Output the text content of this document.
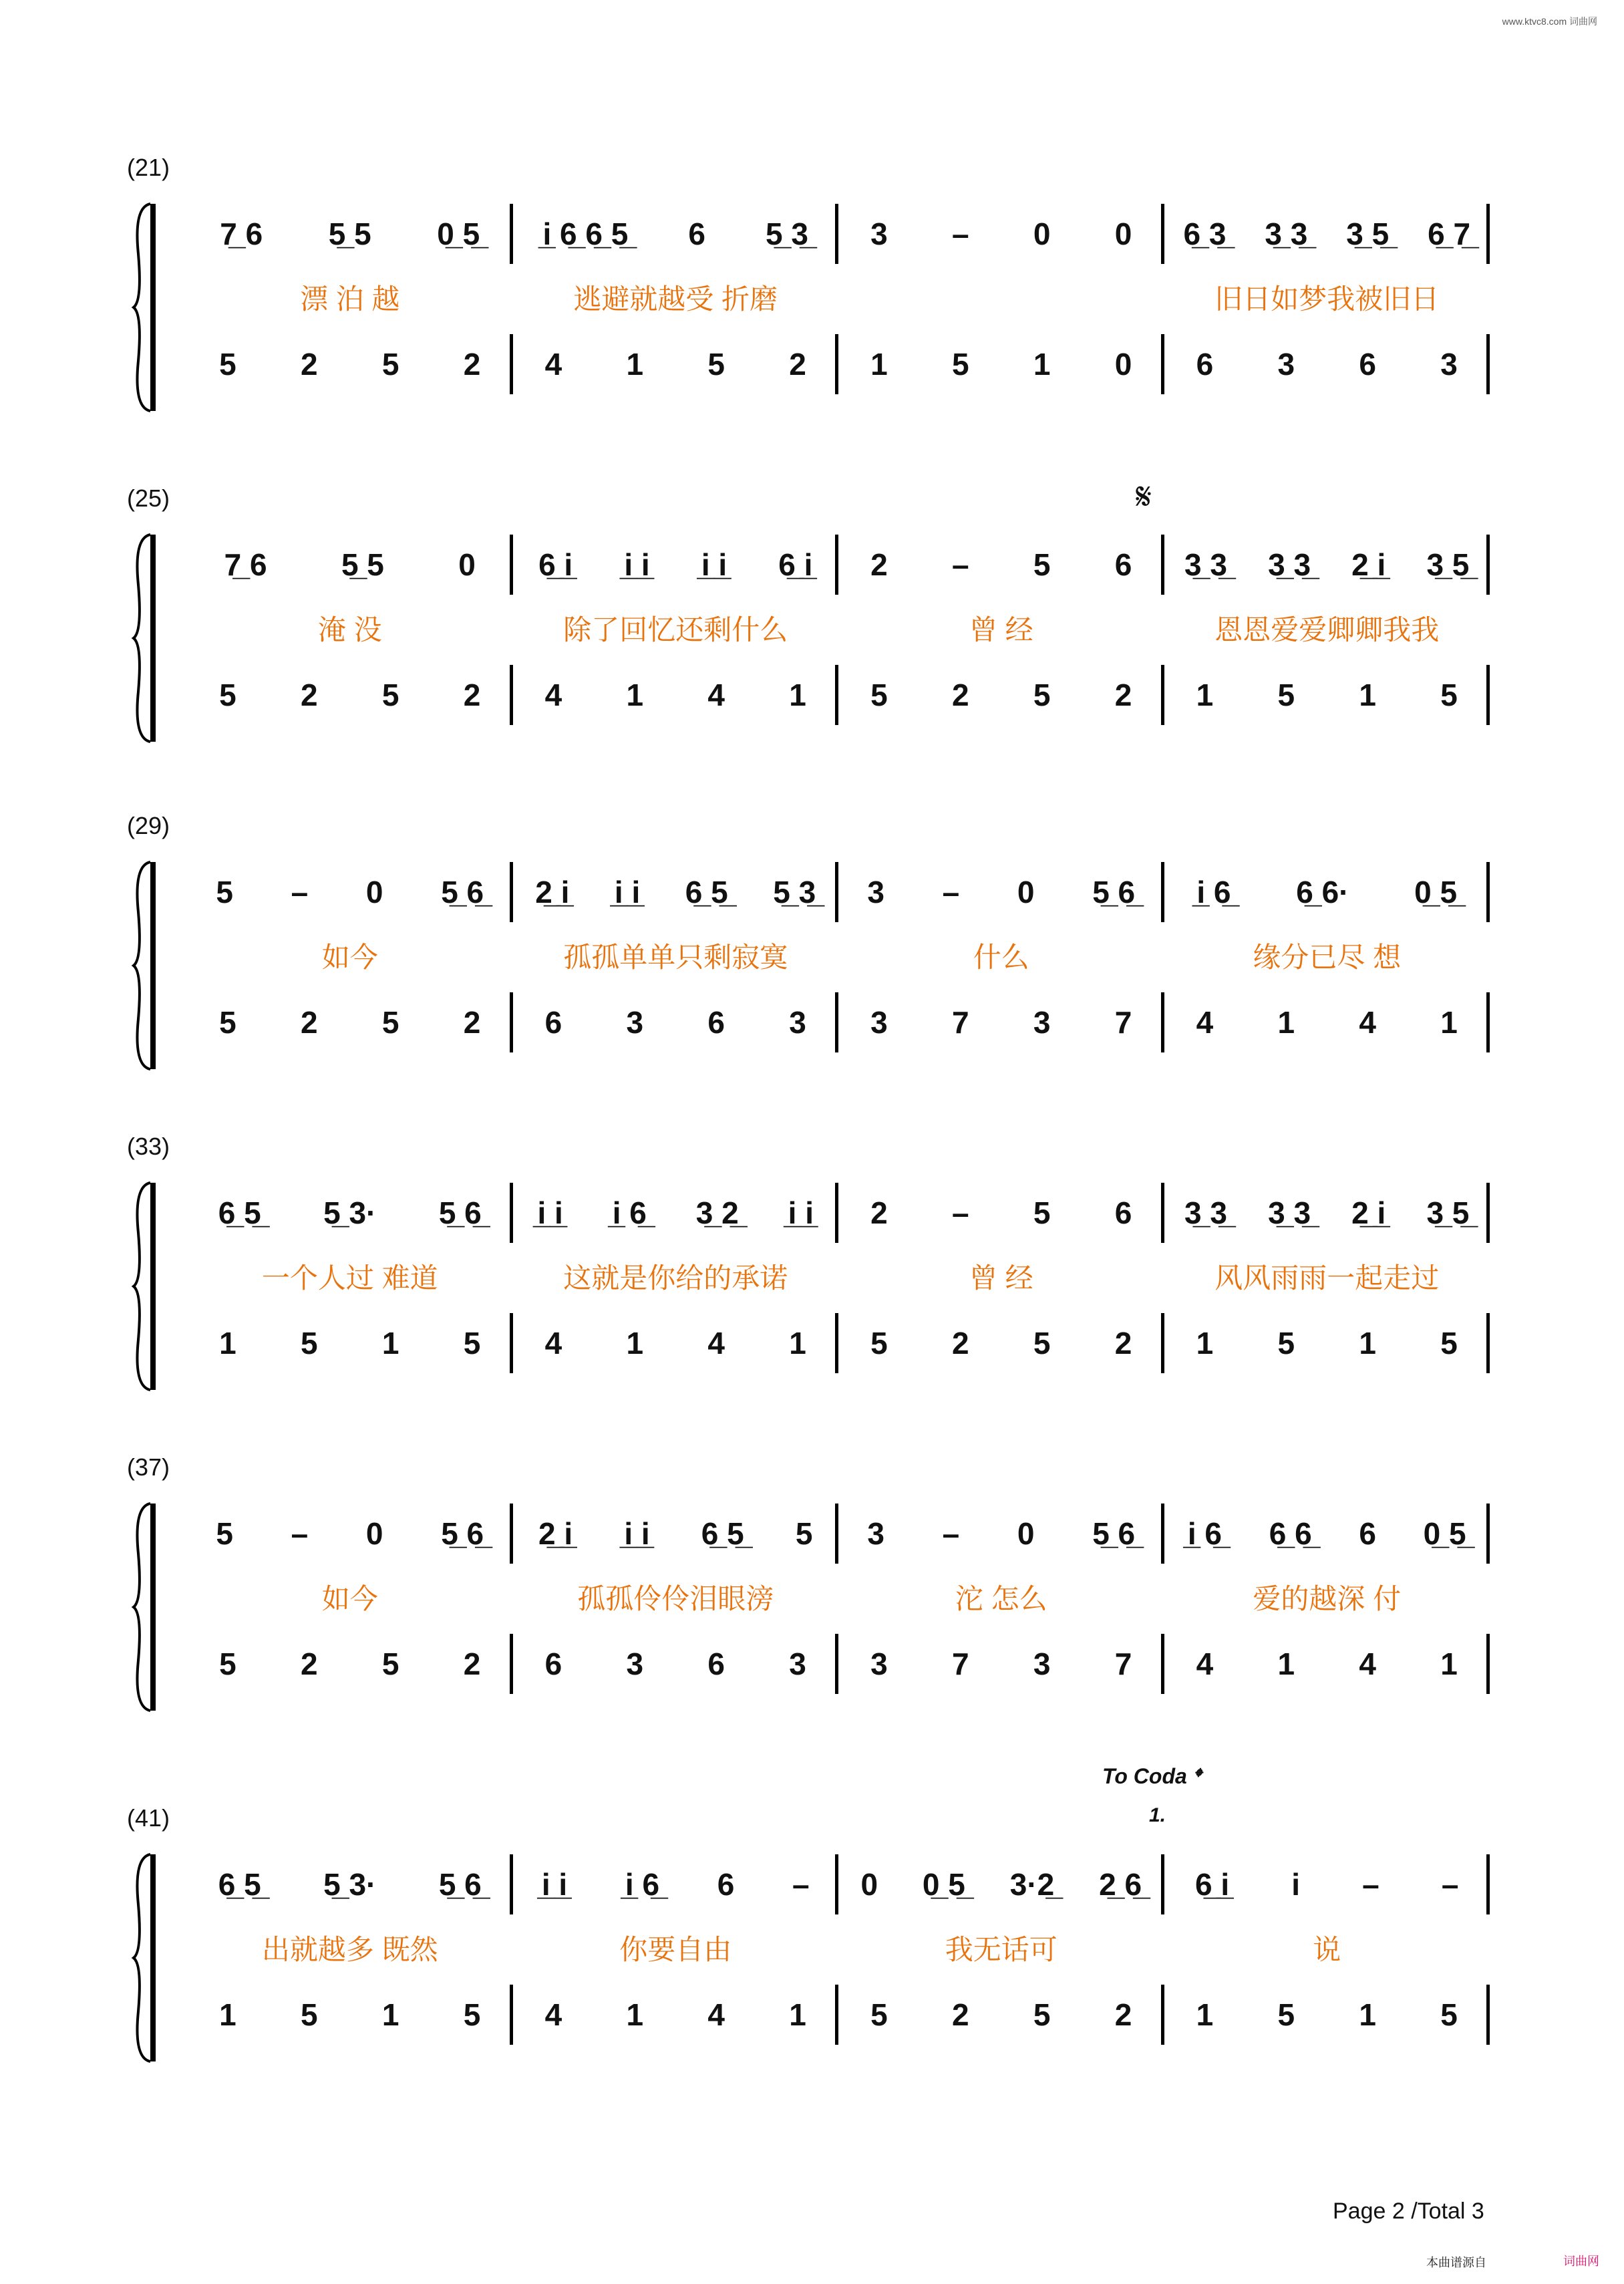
www.ktvc8.com 词曲网
𝄋
To Coda 𝄌
1.
(21)
7̲ 6 5̲ 5 0̲ 5̲ i̲ 6̲ 6̲ 5̲ 6 5̲ 3̲ 3 – 0 0 6̲ 3̲ 3̲ 3̲ 3̲ 5̲ 6̲ 7̲
漂 泊 越	逃避就越受 折磨	旧日如梦我被旧日
5 2 5 2 4 1 5 2 1 5 1 0 6 3 6 3
(25)
7̲ 6 5̲ 5 0 6̲ i̲ i̲ i̲ i̲ i̲ 6̲ i̲ 2 – 5 6 3̲ 3̲ 3̲ 3̲ 2̲ i̲ 3̲ 5̲
淹 没	除了回忆还剩什么	曾 经	恩恩爱爱卿卿我我
5 2 5 2 4 1 4 1 5 2 5 2 1 5 1 5
(29)
5 – 0 5̲ 6̲ 2̲ i̲ i̲ i̲ 6̲ 5̲ 5̲ 3̲ 3 – 0 5̲ 6̲ i̲ 6̲ 6̲ 6· 0̲ 5̲
如今	孤孤单单只剩寂寞	什么	缘分已尽 想
5 2 5 2 6 3 6 3 3 7 3 7 4 1 4 1
(33)
6̲ 5̲ 5̲ 3· 5̲ 6̲ i̲ i̲ i̲ 6̲ 3̲ 2̲ i̲ i̲ 2 – 5 6 3̲ 3̲ 3̲ 3̲ 2̲ i̲ 3̲ 5̲
一个人过 难道	这就是你给的承诺	曾 经	风风雨雨一起走过
1 5 1 5 4 1 4 1 5 2 5 2 1 5 1 5
(37)
5 – 0 5̲ 6̲ 2̲ i̲ i̲ i̲ 6̲ 5̲ 5 3 – 0 5̲ 6̲ i̲ 6̲ 6̲ 6̲ 6 0̲ 5̲
如今	孤孤伶伶泪眼滂	沱 怎么	爱的越深 付
5 2 5 2 6 3 6 3 3 7 3 7 4 1 4 1
(41)
6̲ 5̲ 5̲ 3· 5̲ 6̲ i̲ i̲ i̲ 6̲ 6 – 0 0̲ 5̲ 3·2̲ 2̲ 6̲ 6̲ i̲ i – –
出就越多 既然	你要自由	我无话可	说
1 5 1 5 4 1 4 1 5 2 5 2 1 5 1 5
Page 2 /Total 3
本曲谱源自	词曲网
